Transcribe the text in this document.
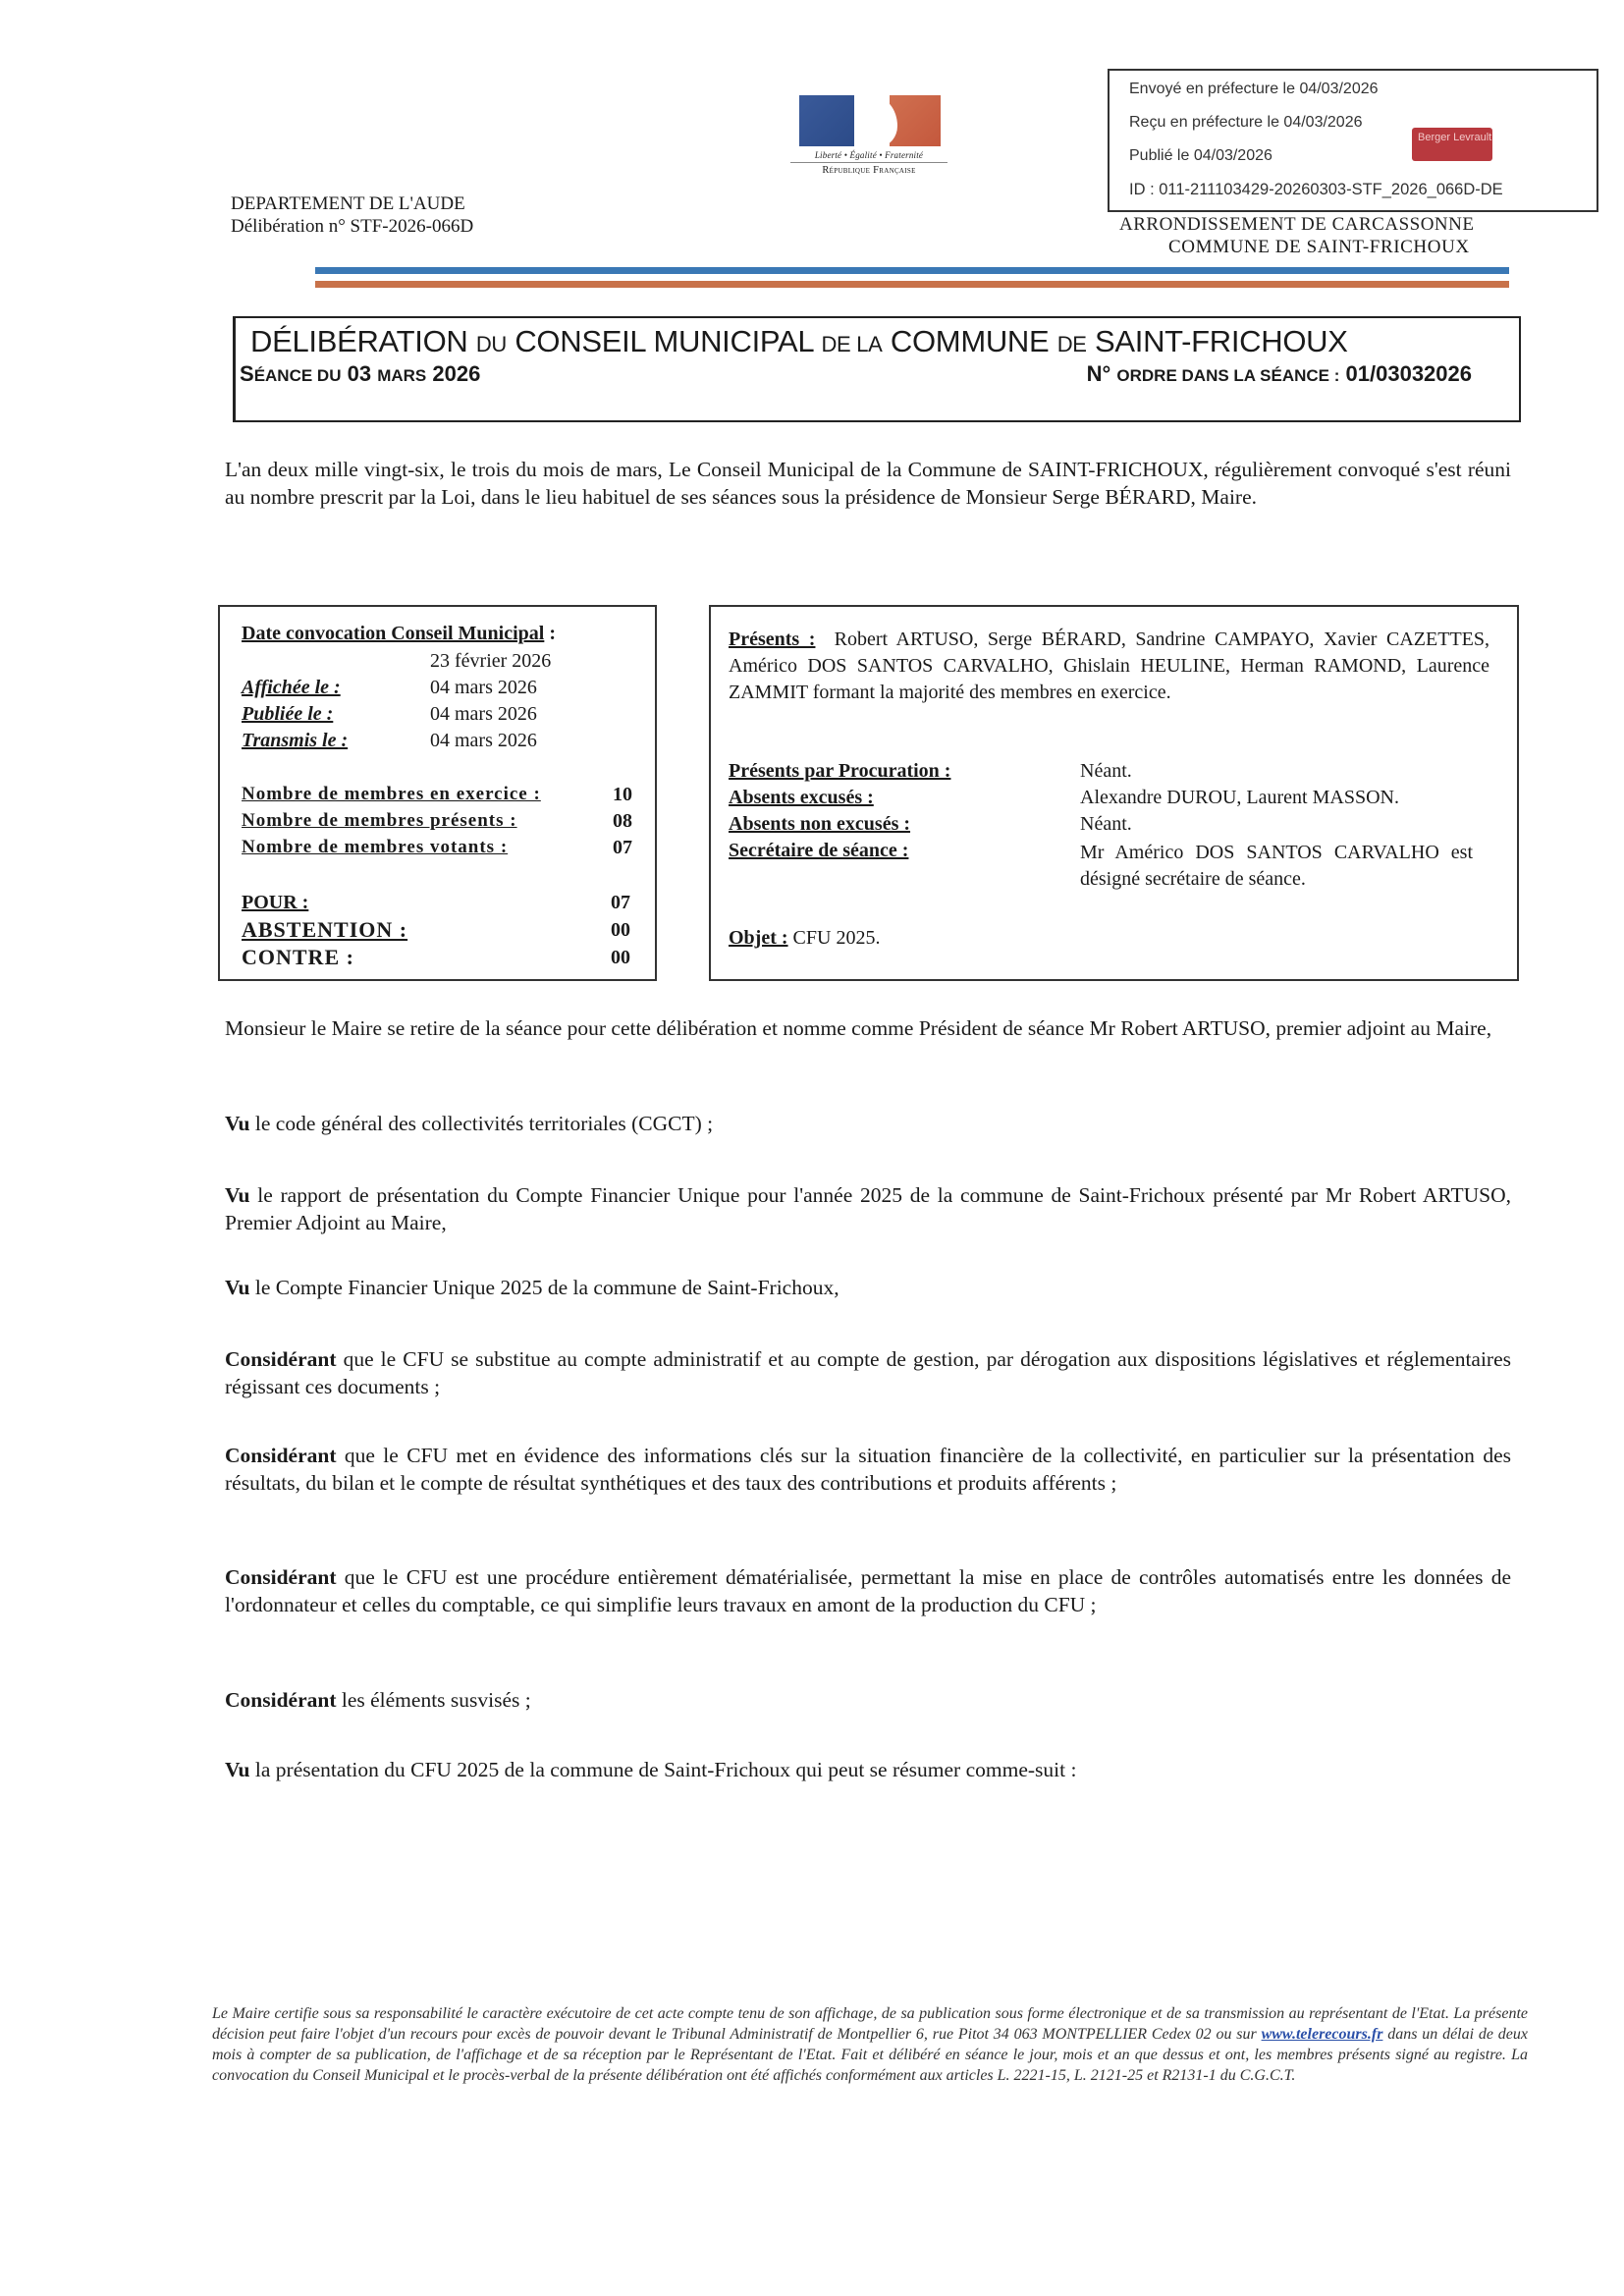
Liberté • Égalité • Fraternité
République Française
DEPARTEMENT DE L'AUDE
Délibération n° STF-2026-066D
Envoyé en préfecture le 04/03/2026
Reçu en préfecture le 04/03/2026
Publié le 04/03/2026
ID : 011-211103429-20260303-STF_2026_066D-DE
Berger Levrault
ARRONDISSEMENT DE CARCASSONNE
COMMUNE DE SAINT-FRICHOUX
DÉLIBÉRATION DU CONSEIL MUNICIPAL DE LA COMMUNE DE SAINT-FRICHOUX
SÉANCE DU 03 MARS 2026	N° ORDRE DANS LA SÉANCE : 01/03032026
L'an deux mille vingt-six, le trois du mois de mars, Le Conseil Municipal de la Commune de SAINT-FRICHOUX, régulièrement convoqué s'est réuni au nombre prescrit par la Loi, dans le lieu habituel de ses séances sous la présidence de Monsieur Serge BÉRARD, Maire.
Date convocation Conseil Municipal :
23 février 2026
Affichée le :	04 mars 2026
Publiée le :	04 mars 2026
Transmis le :	04 mars 2026
Nombre de membres en exercice :	10
Nombre de membres présents :	08
Nombre de membres votants :	07
POUR :	07
ABSTENTION :	00
CONTRE :	00
Présents : Robert ARTUSO, Serge BÉRARD, Sandrine CAMPAYO, Xavier CAZETTES, Américo DOS SANTOS CARVALHO, Ghislain HEULINE, Herman RAMOND, Laurence ZAMMIT formant la majorité des membres en exercice.
Présents par Procuration :	Néant.
Absents excusés :	Alexandre DUROU, Laurent MASSON.
Absents non excusés :	Néant.
Secrétaire de séance :	Mr Américo DOS SANTOS CARVALHO est désigné secrétaire de séance.
Objet : CFU 2025.
Monsieur le Maire se retire de la séance pour cette délibération et nomme comme Président de séance Mr Robert ARTUSO, premier adjoint au Maire,
Vu le code général des collectivités territoriales (CGCT) ;
Vu le rapport de présentation du Compte Financier Unique pour l'année 2025 de la commune de Saint-Frichoux présenté par Mr Robert ARTUSO, Premier Adjoint au Maire,
Vu le Compte Financier Unique 2025 de la commune de Saint-Frichoux,
Considérant que le CFU se substitue au compte administratif et au compte de gestion, par dérogation aux dispositions législatives et réglementaires régissant ces documents ;
Considérant que le CFU met en évidence des informations clés sur la situation financière de la collectivité, en particulier sur la présentation des résultats, du bilan et le compte de résultat synthétiques et des taux des contributions et produits afférents ;
Considérant que le CFU est une procédure entièrement dématérialisée, permettant la mise en place de contrôles automatisés entre les données de l'ordonnateur et celles du comptable, ce qui simplifie leurs travaux en amont de la production du CFU ;
Considérant les éléments susvisés ;
Vu la présentation du CFU 2025 de la commune de Saint-Frichoux qui peut se résumer comme-suit :
Le Maire certifie sous sa responsabilité le caractère exécutoire de cet acte compte tenu de son affichage, de sa publication sous forme électronique et de sa transmission au représentant de l'Etat. La présente décision peut faire l'objet d'un recours pour excès de pouvoir devant le Tribunal Administratif de Montpellier 6, rue Pitot 34 063 MONTPELLIER Cedex 02 ou sur www.telerecours.fr dans un délai de deux mois à compter de sa publication, de l'affichage et de sa réception par le Représentant de l'Etat. Fait et délibéré en séance le jour, mois et an que dessus et ont, les membres présents signé au registre. La convocation du Conseil Municipal et le procès-verbal de la présente délibération ont été affichés conformément aux articles L. 2221-15, L. 2121-25 et R2131-1 du C.G.C.T.
